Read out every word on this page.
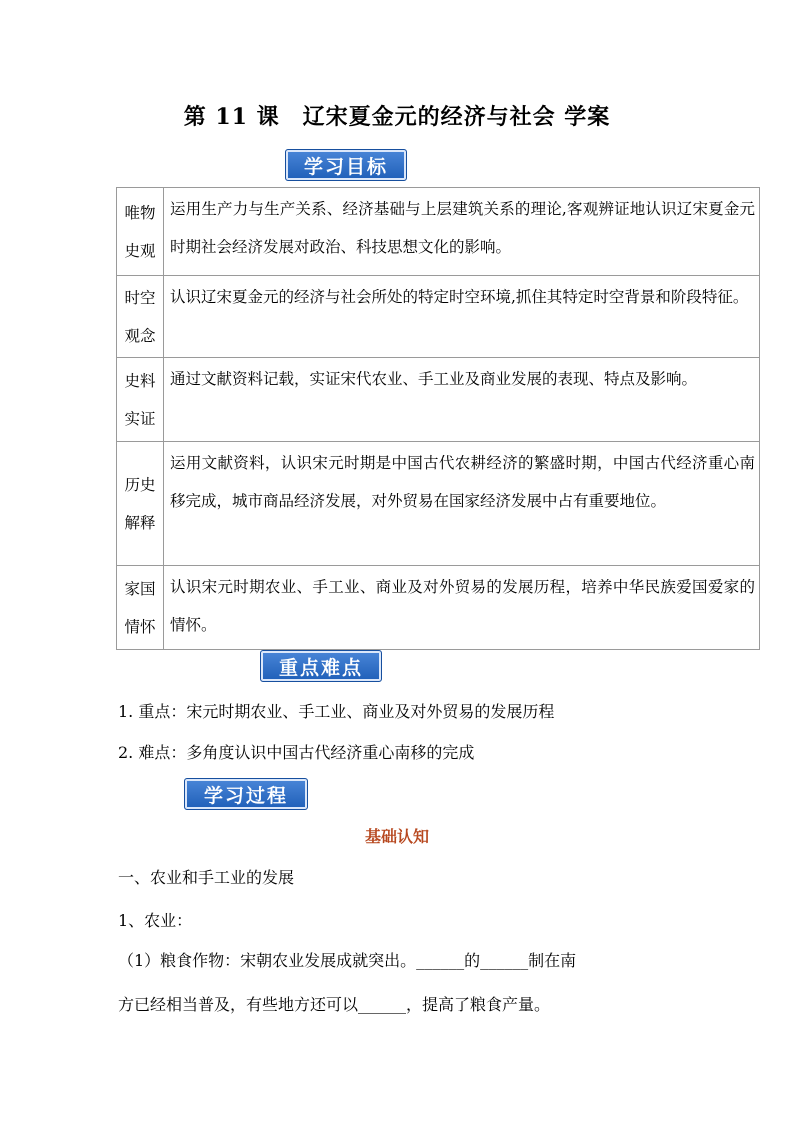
第 11 课　辽宋夏金元的经济与社会 学案
学习目标
唯物
史观	运用生产力与生产关系、经济基础与上层建筑关系的理论,客观辨证地认识辽宋夏金元时期社会经济发展对政治、科技思想文化的影响。

时空
观念	认识辽宋夏金元的经济与社会所处的特定时空环境,抓住其特定时空背景和阶段特征。

史料
实证	通过文献资料记载，实证宋代农业、手工业及商业发展的表现、特点及影响。

历史
解释	运用文献资料，认识宋元时期是中国古代农耕经济的繁盛时期，中国古代经济重心南移完成，城市商品经济发展，对外贸易在国家经济发展中占有重要地位。

家国
情怀	认识宋元时期农业、手工业、商业及对外贸易的发展历程，培养中华民族爱国爱家的情怀。
重点难点
1. 重点：宋元时期农业、手工业、商业及对外贸易的发展历程
2. 难点：多角度认识中国古代经济重心南移的完成
学习过程
基础认知
一、农业和手工业的发展
1、农业：
（1）粮食作物：宋朝农业发展成就突出。______的______制在南
方已经相当普及，有些地方还可以______，提高了粮食产量。
